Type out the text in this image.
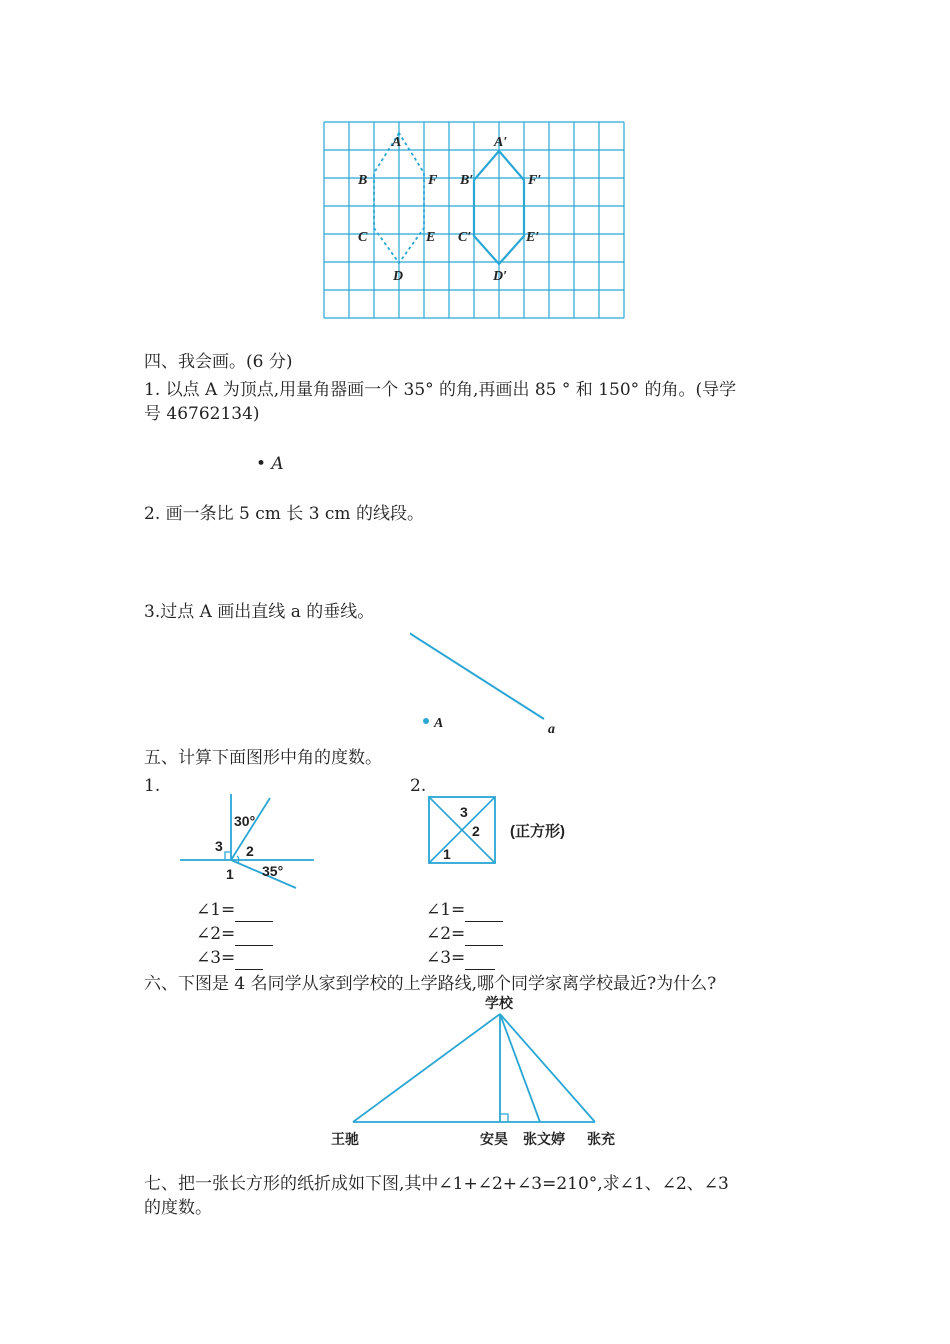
A
B	F
C	E
D
A′
B′	F′
C′	E′
D′
四、我会画。(6 分)
1. 以点 A 为顶点,用量角器画一个 35° 的角,再画出 85 ° 和 150° 的角。(导学
号 46762134)
• A
2. 画一条比 5 cm 长 3 cm 的线段。
3.过点 A 画出直线 a 的垂线。
A	a
五、计算下面图形中角的度数。
1.	2.
30°
35°
1
2
3	1
2
3
(正方形)
∠1=
∠2=
∠3=
∠1=
∠2=
∠3=
六、下图是 4 名同学从家到学校的上学路线,哪个同学家离学校最近?为什么?
学校
王驰	安昊 张文婷 张充
七、把一张长方形的纸折成如下图,其中∠1+∠2+∠3=210°,求∠1、∠2、∠3
的度数。
